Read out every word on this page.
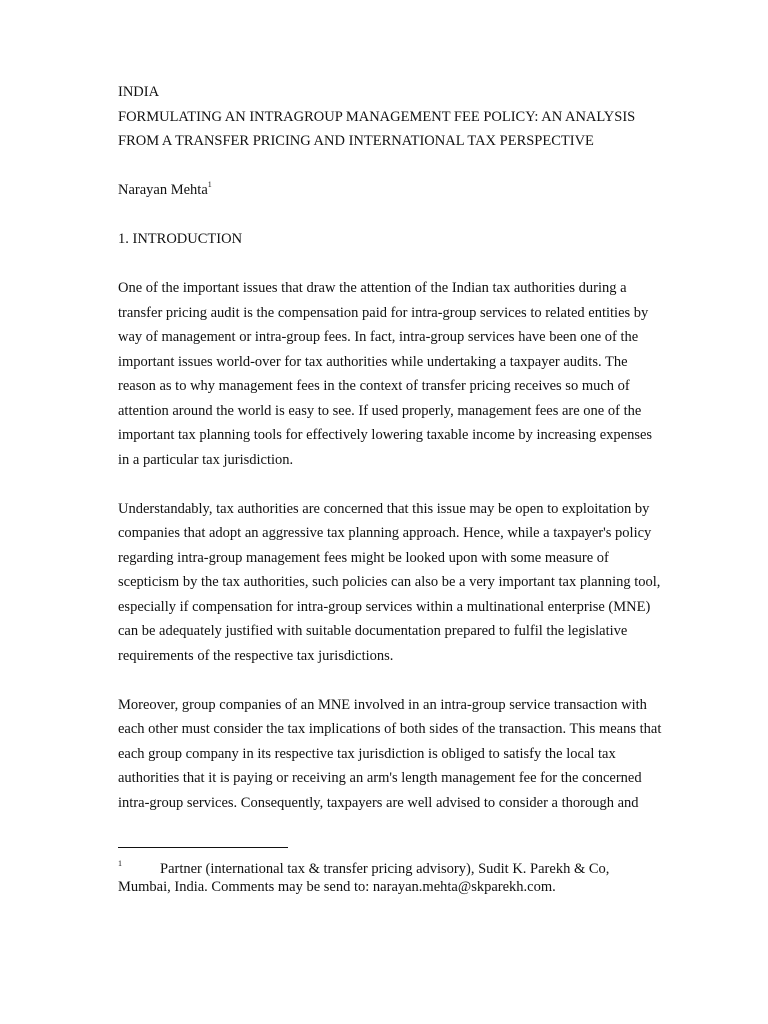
INDIA
FORMULATING AN INTRAGROUP MANAGEMENT FEE POLICY: AN ANALYSIS
FROM A TRANSFER PRICING AND INTERNATIONAL TAX PERSPECTIVE
Narayan Mehta$^1$
1. INTRODUCTION
One of the important issues that draw the attention of the Indian tax authorities during a
transfer pricing audit is the compensation paid for intra-group services to related entities by
way of management or intra-group fees. In fact, intra-group services have been one of the
important issues world-over for tax authorities while undertaking a taxpayer audits. The
reason as to why management fees in the context of transfer pricing receives so much of
attention around the world is easy to see. If used properly, management fees are one of the
important tax planning tools for effectively lowering taxable income by increasing expenses
in a particular tax jurisdiction.
Understandably, tax authorities are concerned that this issue may be open to exploitation by
companies that adopt an aggressive tax planning approach. Hence, while a taxpayer's policy
regarding intra-group management fees might be looked upon with some measure of
scepticism by the tax authorities, such policies can also be a very important tax planning tool,
especially if compensation for intra-group services within a multinational enterprise (MNE)
can be adequately justified with suitable documentation prepared to fulfil the legislative
requirements of the respective tax jurisdictions.
Moreover, group companies of an MNE involved in an intra-group service transaction with
each other must consider the tax implications of both sides of the transaction. This means that
each group company in its respective tax jurisdiction is obliged to satisfy the local tax
authorities that it is paying or receiving an arm's length management fee for the concerned
intra-group services. Consequently, taxpayers are well advised to consider a thorough and
1	Partner (international tax & transfer pricing advisory), Sudit K. Parekh & Co,
Mumbai, India. Comments may be send to: narayan.mehta@skparekh.com.
